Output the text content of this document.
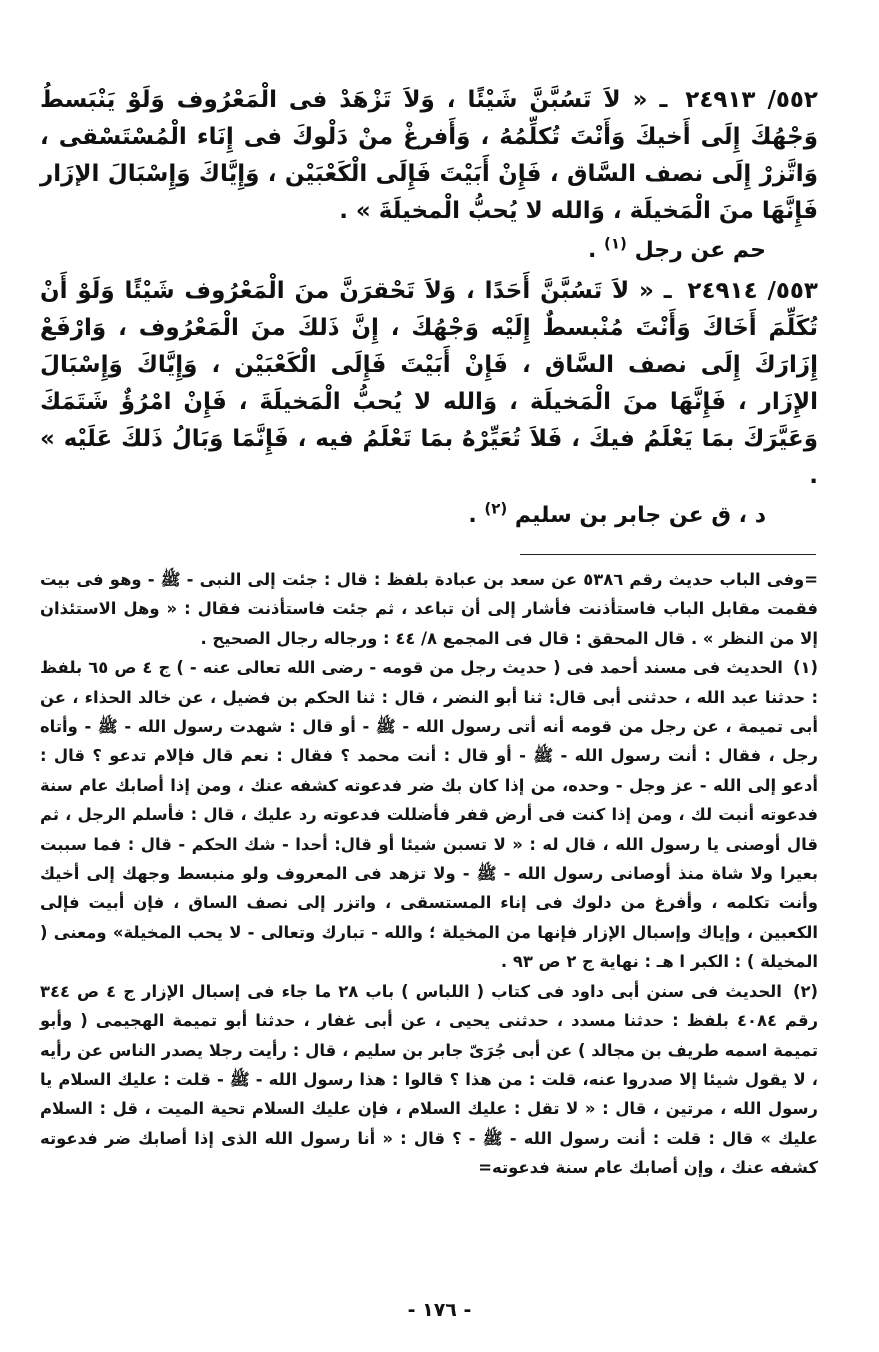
٥٥٢/ ٢٤٩١٣ ـ « لاَ تَسُبَّنَّ شَيْئًا ، وَلاَ تَزْهَدْ فى الْمَعْرُوف وَلَوْ يَنْبَسطُ وَجْهُكَ إِلَى أَخيكَ وَأَنْتَ تُكلِّمُهُ ، وَأَفرغْ منْ دَلْوكَ فى إِنَاء الْمُسْتَسْقى ، وَاتَّزرْ إِلَى نصف السَّاق ، فَإِنْ أَبَيْتَ فَإِلَى الْكَعْبَيْن ، وَإِيَّاكَ وَإِسْبَالَ الإزَار فَإِنَّهَا منَ الْمَخيلَة ، وَالله لا يُحبُّ الْمخيلَةَ » .

حم عن رجل $^{(١)}$ .

٥٥٣/ ٢٤٩١٤ ـ « لاَ تَسُبَّنَّ أَحَدًا ، وَلاَ تَحْقرَنَّ منَ الْمَعْرُوف شَيْئًا وَلَوْ أَنْ تُكَلِّمَ أَخَاكَ وَأَنْتَ مُنْبسطٌ إِلَيْه وَجْهُكَ ، إِنَّ ذَلكَ منَ الْمَعْرُوف ، وَارْفَعْ إِزَارَكَ إِلَى نصف السَّاق ، فَإِنْ أَبَيْتَ فَإِلَى الْكَعْبَيْن ، وَإِيَّاكَ وَإِسْبَالَ الإِزَار ، فَإِنَّهَا منَ الْمَخيلَة ، وَالله لا يُحبُّ الْمَخيلَةَ ، فَإِنْ امْرُؤٌ شَتَمَكَ وَعَيَّرَكَ بمَا يَعْلَمُ فيكَ ، فَلاَ تُعَيِّرْهُ بمَا تَعْلَمُ فيه ، فَإِنَّمَا وَبَالُ ذَلكَ عَلَيْه » .

د ، ق عن جابر بن سليم $^{(٢)}$ .

=وفى الباب حديث رقم ٥٣٨٦ عن سعد بن عبادة بلفظ : قال : جئت إلى النبى - ﷺ - وهو فى بيت فقمت مقابل الباب فاستأذنت فأشار إلى أن تباعد ، ثم جئت فاستأذنت فقال : « وهل الاستئذان إلا من النظر » . قال المحقق : قال فى المجمع ٨/ ٤٤ : ورجاله رجال الصحيح .

(١) الحديث فى مسند أحمد فى ( حديث رجل من قومه - رضى الله تعالى عنه - ) ج ٤ ص ٦٥ بلفظ : حدثنا عبد الله ، حدثنى أبى قال: ثنا أبو النضر ، قال : ثنا الحكم بن فضيل ، عن خالد الحذاء ، عن أبى تميمة ، عن رجل من قومه أنه أتى رسول الله - ﷺ - أو قال : شهدت رسول الله - ﷺ - وأتاه رجل ، فقال : أنت رسول الله - ﷺ - أو قال : أنت محمد ؟ فقال : نعم قال فإلام تدعو ؟ قال : أدعو إلى الله - عز وجل - وحده، من إذا كان بك ضر فدعوته كشفه عنك ، ومن إذا أصابك عام سنة فدعوته أنبت لك ، ومن إذا كنت فى أرض قفر فأضللت فدعوته رد عليك ، قال : فأسلم الرجل ، ثم قال أوصنى يا رسول الله ، قال له : « لا تسبن شيئا أو قال: أحدا - شك الحكم - قال : فما سببت بعيرا ولا شاة منذ أوصانى رسول الله - ﷺ - ولا تزهد فى المعروف ولو منبسط وجهك إلى أخيك وأنت تكلمه ، وأفرغ من دلوك فى إناء المستسقى ، واتزر إلى نصف الساق ، فإن أبيت فإلى الكعبين ، وإياك وإسبال الإزار فإنها من المخيلة ؛ والله - تبارك وتعالى - لا يحب المخيلة» ومعنى ( المخيلة ) : الكبر ا هـ : نهاية ج ٢ ص ٩٣ .

(٢) الحديث فى سنن أبى داود فى كتاب ( اللباس ) باب ٢٨ ما جاء فى إسبال الإزار ج ٤ ص ٣٤٤ رقم ٤٠٨٤ بلفظ : حدثنا مسدد ، حدثنى يحيى ، عن أبى غفار ، حدثنا أبو تميمة الهجيمى ( وأبو تميمة اسمه طريف بن مجالد ) عن أبى جُرَىّ جابر بن سليم ، قال : رأيت رجلا يصدر الناس عن رأيه ، لا يقول شيئا إلا صدروا عنه، قلت : من هذا ؟ قالوا : هذا رسول الله - ﷺ - قلت : عليك السلام يا رسول الله ، مرتين ، قال : « لا تقل : عليك السلام ، فإن عليك السلام تحية الميت ، قل : السلام عليك » قال : قلت : أنت رسول الله - ﷺ - ؟ قال : « أنا رسول الله الذى إذا أصابك ضر فدعوته كشفه عنك ، وإن أصابك عام سنة فدعوته=

- ١٧٦ -
